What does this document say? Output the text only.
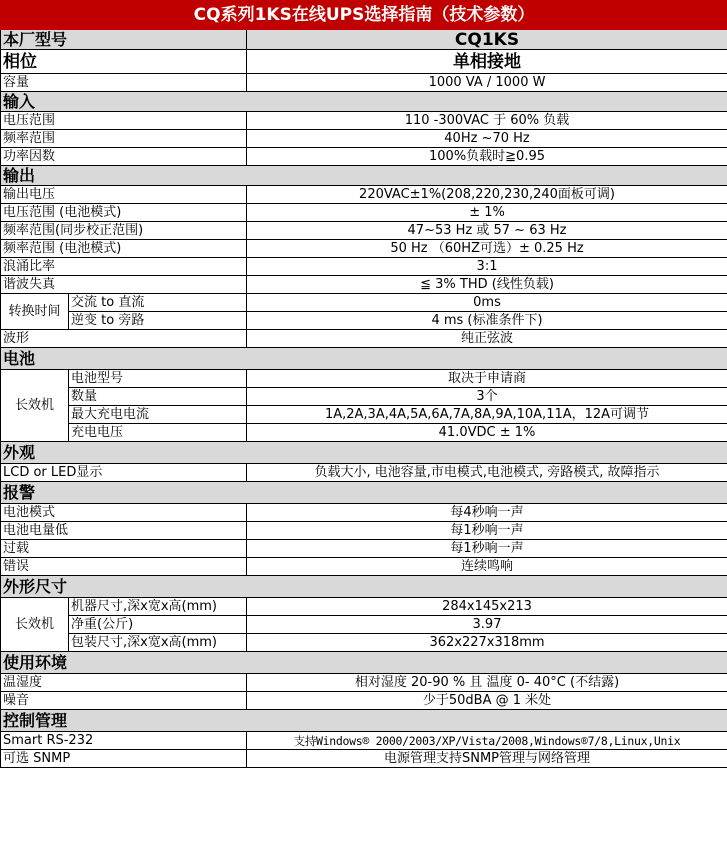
CQ系列1KS在线UPS选择指南（技术参数）		
本厂型号		CQ1KS
相位		单相接地
容量		1000 VA / 1000 W
输入		
电压范围		110 -300VAC 于 60% 负载
频率范围		40Hz ~70 Hz
功率因数		100%负载时≧0.95
输出		
输出电压		220VAC±1%(208,220,230,240面板可调)
电压范围 (电池模式)		± 1%
频率范围(同步校正范围)		47~53 Hz 或 57 ~ 63 Hz
频率范围 (电池模式)		50 Hz （60HZ可选）± 0.25 Hz
浪涌比率		3:1
谐波失真		≦ 3% THD (线性负载)
转换时间	交流 to 直流	0ms
	逆变 to 旁路	4 ms (标准条件下)
波形		纯正弦波
电池		
长效机	电池型号	取决于申请商
	数量	3个
	最大充电电流	1A,2A,3A,4A,5A,6A,7A,8A,9A,10A,11A，12A可调节
	充电电压	41.0VDC ± 1%
外观		
LCD or LED显示		负载大小, 电池容量,市电模式,电池模式, 旁路模式, 故障指示
报警		
电池模式		每4秒响一声
电池电量低		每1秒响一声
过载		每1秒响一声
错误		连续鸣响
外形尺寸		
长效机	机器尺寸,深x宽x高(mm)	284x145x213
	净重(公斤)	3.97
	包装尺寸,深x宽x高(mm)	362x227x318mm
使用环境		
温湿度		相对湿度 20-90 % 且 温度 0- 40°C (不结露)
噪音		少于50dBA @ 1 米处
控制管理		
Smart RS-232		支持Windows® 2000/2003/XP/Vista/2008,Windows®7/8,Linux,Unix
可选 SNMP		电源管理支持SNMP管理与网络管理
